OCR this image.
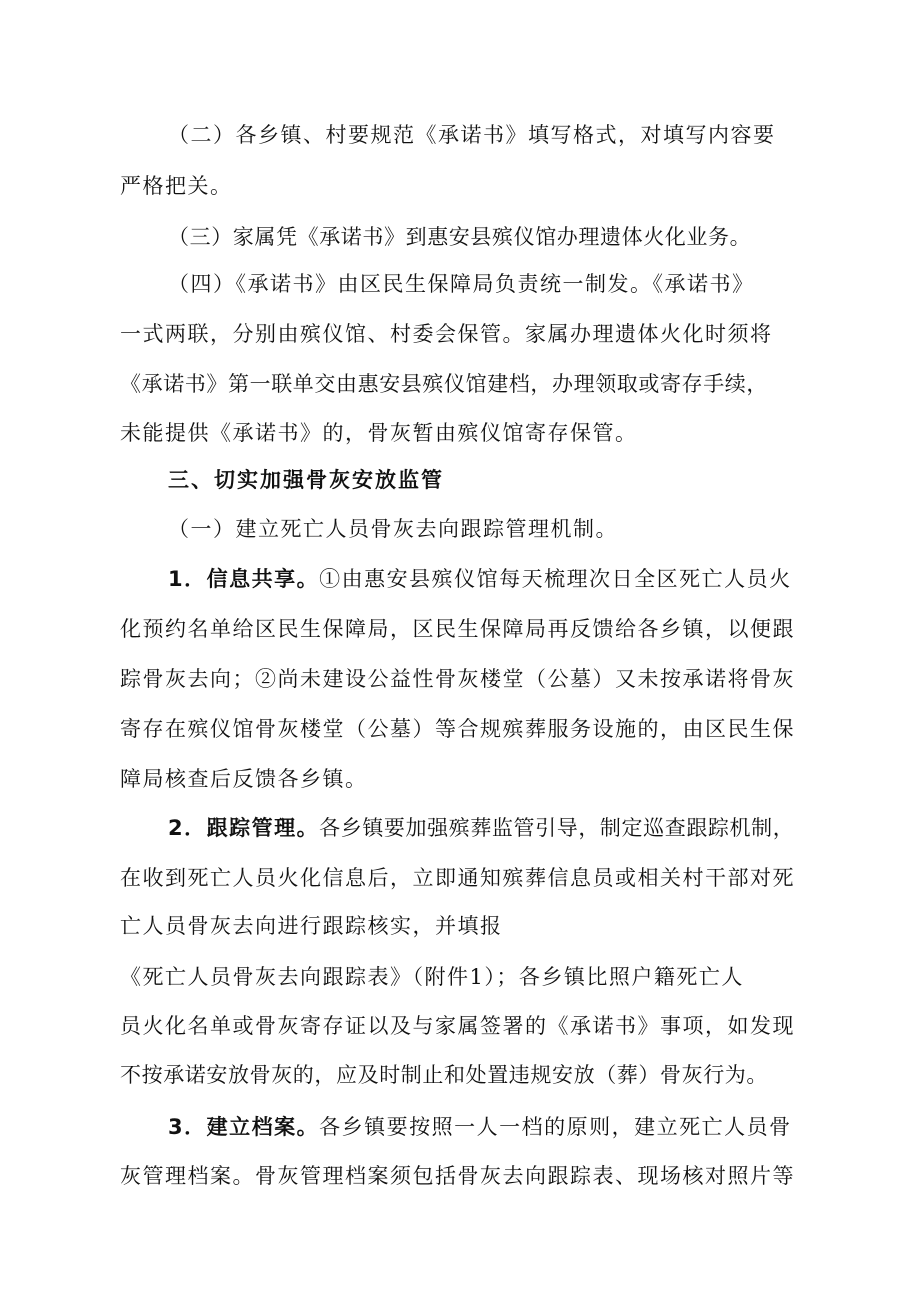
（二）各乡镇、村要规范《承诺书》填写格式，对填写内容要
严格把关。
（三）家属凭《承诺书》到惠安县殡仪馆办理遗体火化业务。
（四）《承诺书》由区民生保障局负责统一制发。《承诺书》
一式两联，分别由殡仪馆、村委会保管。家属办理遗体火化时须将
《承诺书》第一联单交由惠安县殡仪馆建档，办理领取或寄存手续，
未能提供《承诺书》的，骨灰暂由殡仪馆寄存保管。
三、切实加强骨灰安放监管
（一）建立死亡人员骨灰去向跟踪管理机制。
1．信息共享。①由惠安县殡仪馆每天梳理次日全区死亡人员火
化预约名单给区民生保障局，区民生保障局再反馈给各乡镇，以便跟
踪骨灰去向；②尚未建设公益性骨灰楼堂（公墓）又未按承诺将骨灰
寄存在殡仪馆骨灰楼堂（公墓）等合规殡葬服务设施的，由区民生保
障局核查后反馈各乡镇。
2．跟踪管理。各乡镇要加强殡葬监管引导，制定巡查跟踪机制，
在收到死亡人员火化信息后，立即通知殡葬信息员或相关村干部对死
亡人员骨灰去向进行跟踪核实，并填报
《死亡人员骨灰去向跟踪表》（附件1）；各乡镇比照户籍死亡人
员火化名单或骨灰寄存证以及与家属签署的《承诺书》事项，如发现
不按承诺安放骨灰的，应及时制止和处置违规安放（葬）骨灰行为。
3．建立档案。各乡镇要按照一人一档的原则，建立死亡人员骨
灰管理档案。骨灰管理档案须包括骨灰去向跟踪表、现场核对照片等
